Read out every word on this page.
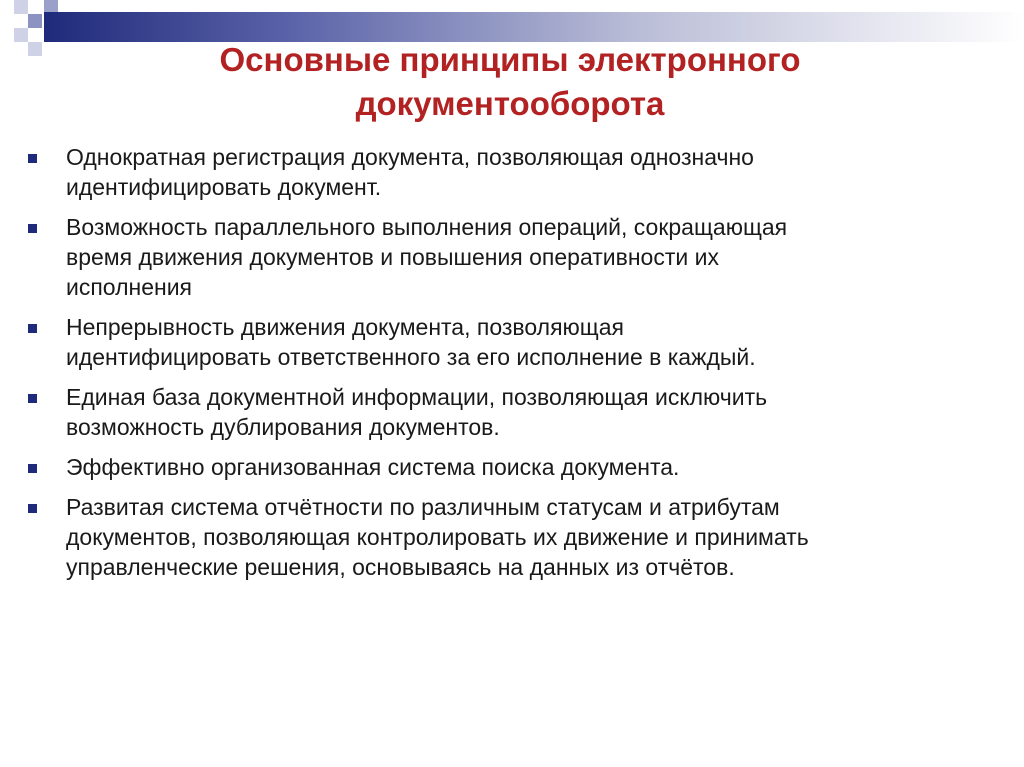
Основные принципы электронного
документооборота
Однократная регистрация документа, позволяющая однозначно
идентифицировать документ.
Возможность параллельного выполнения операций, сокращающая
время движения документов и повышения оперативности их
исполнения
Непрерывность движения документа, позволяющая
идентифицировать ответственного за его исполнение в каждый.
Единая база документной информации, позволяющая исключить
возможность дублирования документов.
Эффективно организованная система поиска документа.
Развитая система отчётности по различным статусам и атрибутам
документов, позволяющая контролировать их движение и принимать
управленческие решения, основываясь на данных из отчётов.
